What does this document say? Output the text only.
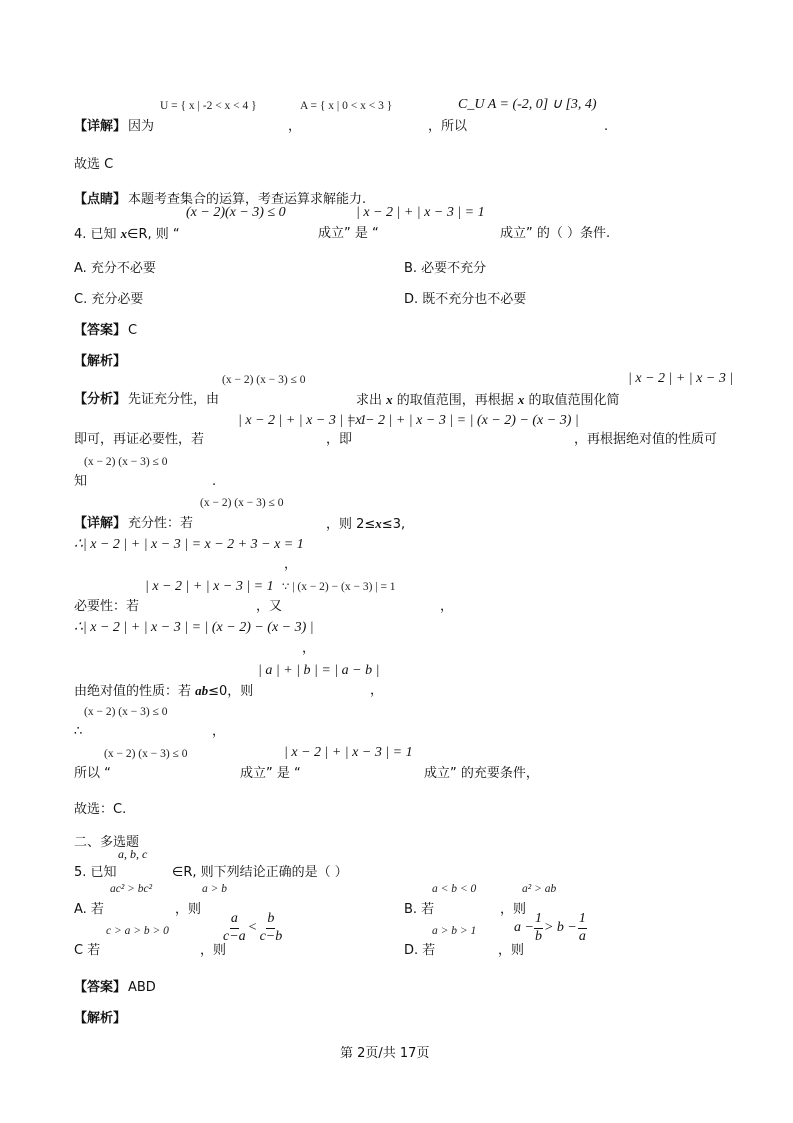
U = { x | -2 < x < 4 }	A = { x | 0 < x < 3 }	C_U A = (-2, 0] ∪ [3, 4)
【详解】 因为	，	，所以	.
故选 C
【点睛】 本题考查集合的运算，考查运算求解能力.
(x − 2)(x − 3) ≤ 0	| x − 2 | + | x − 3 | = 1
4. 已知 x∈R, 则 “	成立” 是 “	成立” 的（ ）条件.
A. 充分不必要	B. 必要不充分
C. 充分必要	D. 既不充分也不必要
【答案】 C
【解析】
(x − 2) (x − 3) ≤ 0	| x − 2 | + | x − 3 |
【分析】 先证充分性，由	求出 x 的取值范围，再根据 x 的取值范围化简
| x − 2 | + | x − 3 | = 1
| x − 2 | + | x − 3 | = | (x − 2) − (x − 3) |
即可，再证必要性，若	，即	，再根据绝对值的性质可
(x − 2) (x − 3) ≤ 0
知	.
(x − 2) (x − 3) ≤ 0
【详解】 充分性：若	，则 2≤x≤3,
∴| x − 2 | + | x − 3 | = x − 2 + 3 − x = 1
，
| x − 2 | + | x − 3 | = 1 ∵ | (x − 2) − (x − 3) | = 1
必要性：若	，又	，
∴| x − 2 | + | x − 3 | = | (x − 2) − (x − 3) |
，
| a | + | b | = | a − b |
由绝对值的性质：若 ab≤0，则	，
(x − 2) (x − 3) ≤ 0
∴	，
(x − 2) (x − 3) ≤ 0	| x − 2 | + | x − 3 | = 1
所以 “	成立” 是 “	成立” 的充要条件，
故选：C.
二、多选题
a, b, c
5. 已知	∈R, 则下列结论正确的是（ ）
ac² > bc²	a > b	a < b < 0	a² > ab
A. 若	，则	B. 若	，则
c > a > b > 0	a > b > 1
C 若	，则
$\frac{a}{c-a} < \frac{b}{c-b}$
D. 若	，则
$a - \frac{1}{b} > b - \frac{1}{a}$
【答案】 ABD
【解析】
第 2页/共 17页
